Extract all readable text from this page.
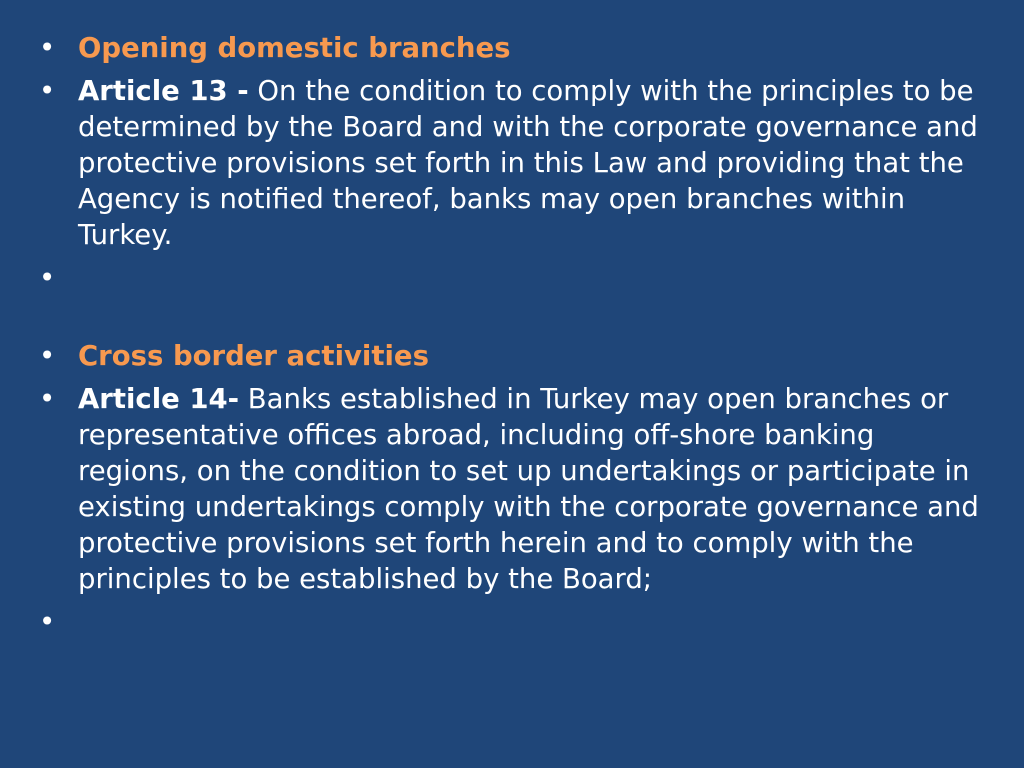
• Opening domestic branches
• Article 13 - On the condition to comply with the principles to be determined by the Board and with the corporate governance and protective provisions set forth in this Law and providing that the Agency is notified thereof, banks may open branches within Turkey.
•

• Cross border activities
• Article 14- Banks established in Turkey may open branches or representative offices abroad, including off-shore banking regions, on the condition to set up undertakings or participate in existing undertakings comply with the corporate governance and protective provisions set forth herein and to comply with the principles to be established by the Board;
•
